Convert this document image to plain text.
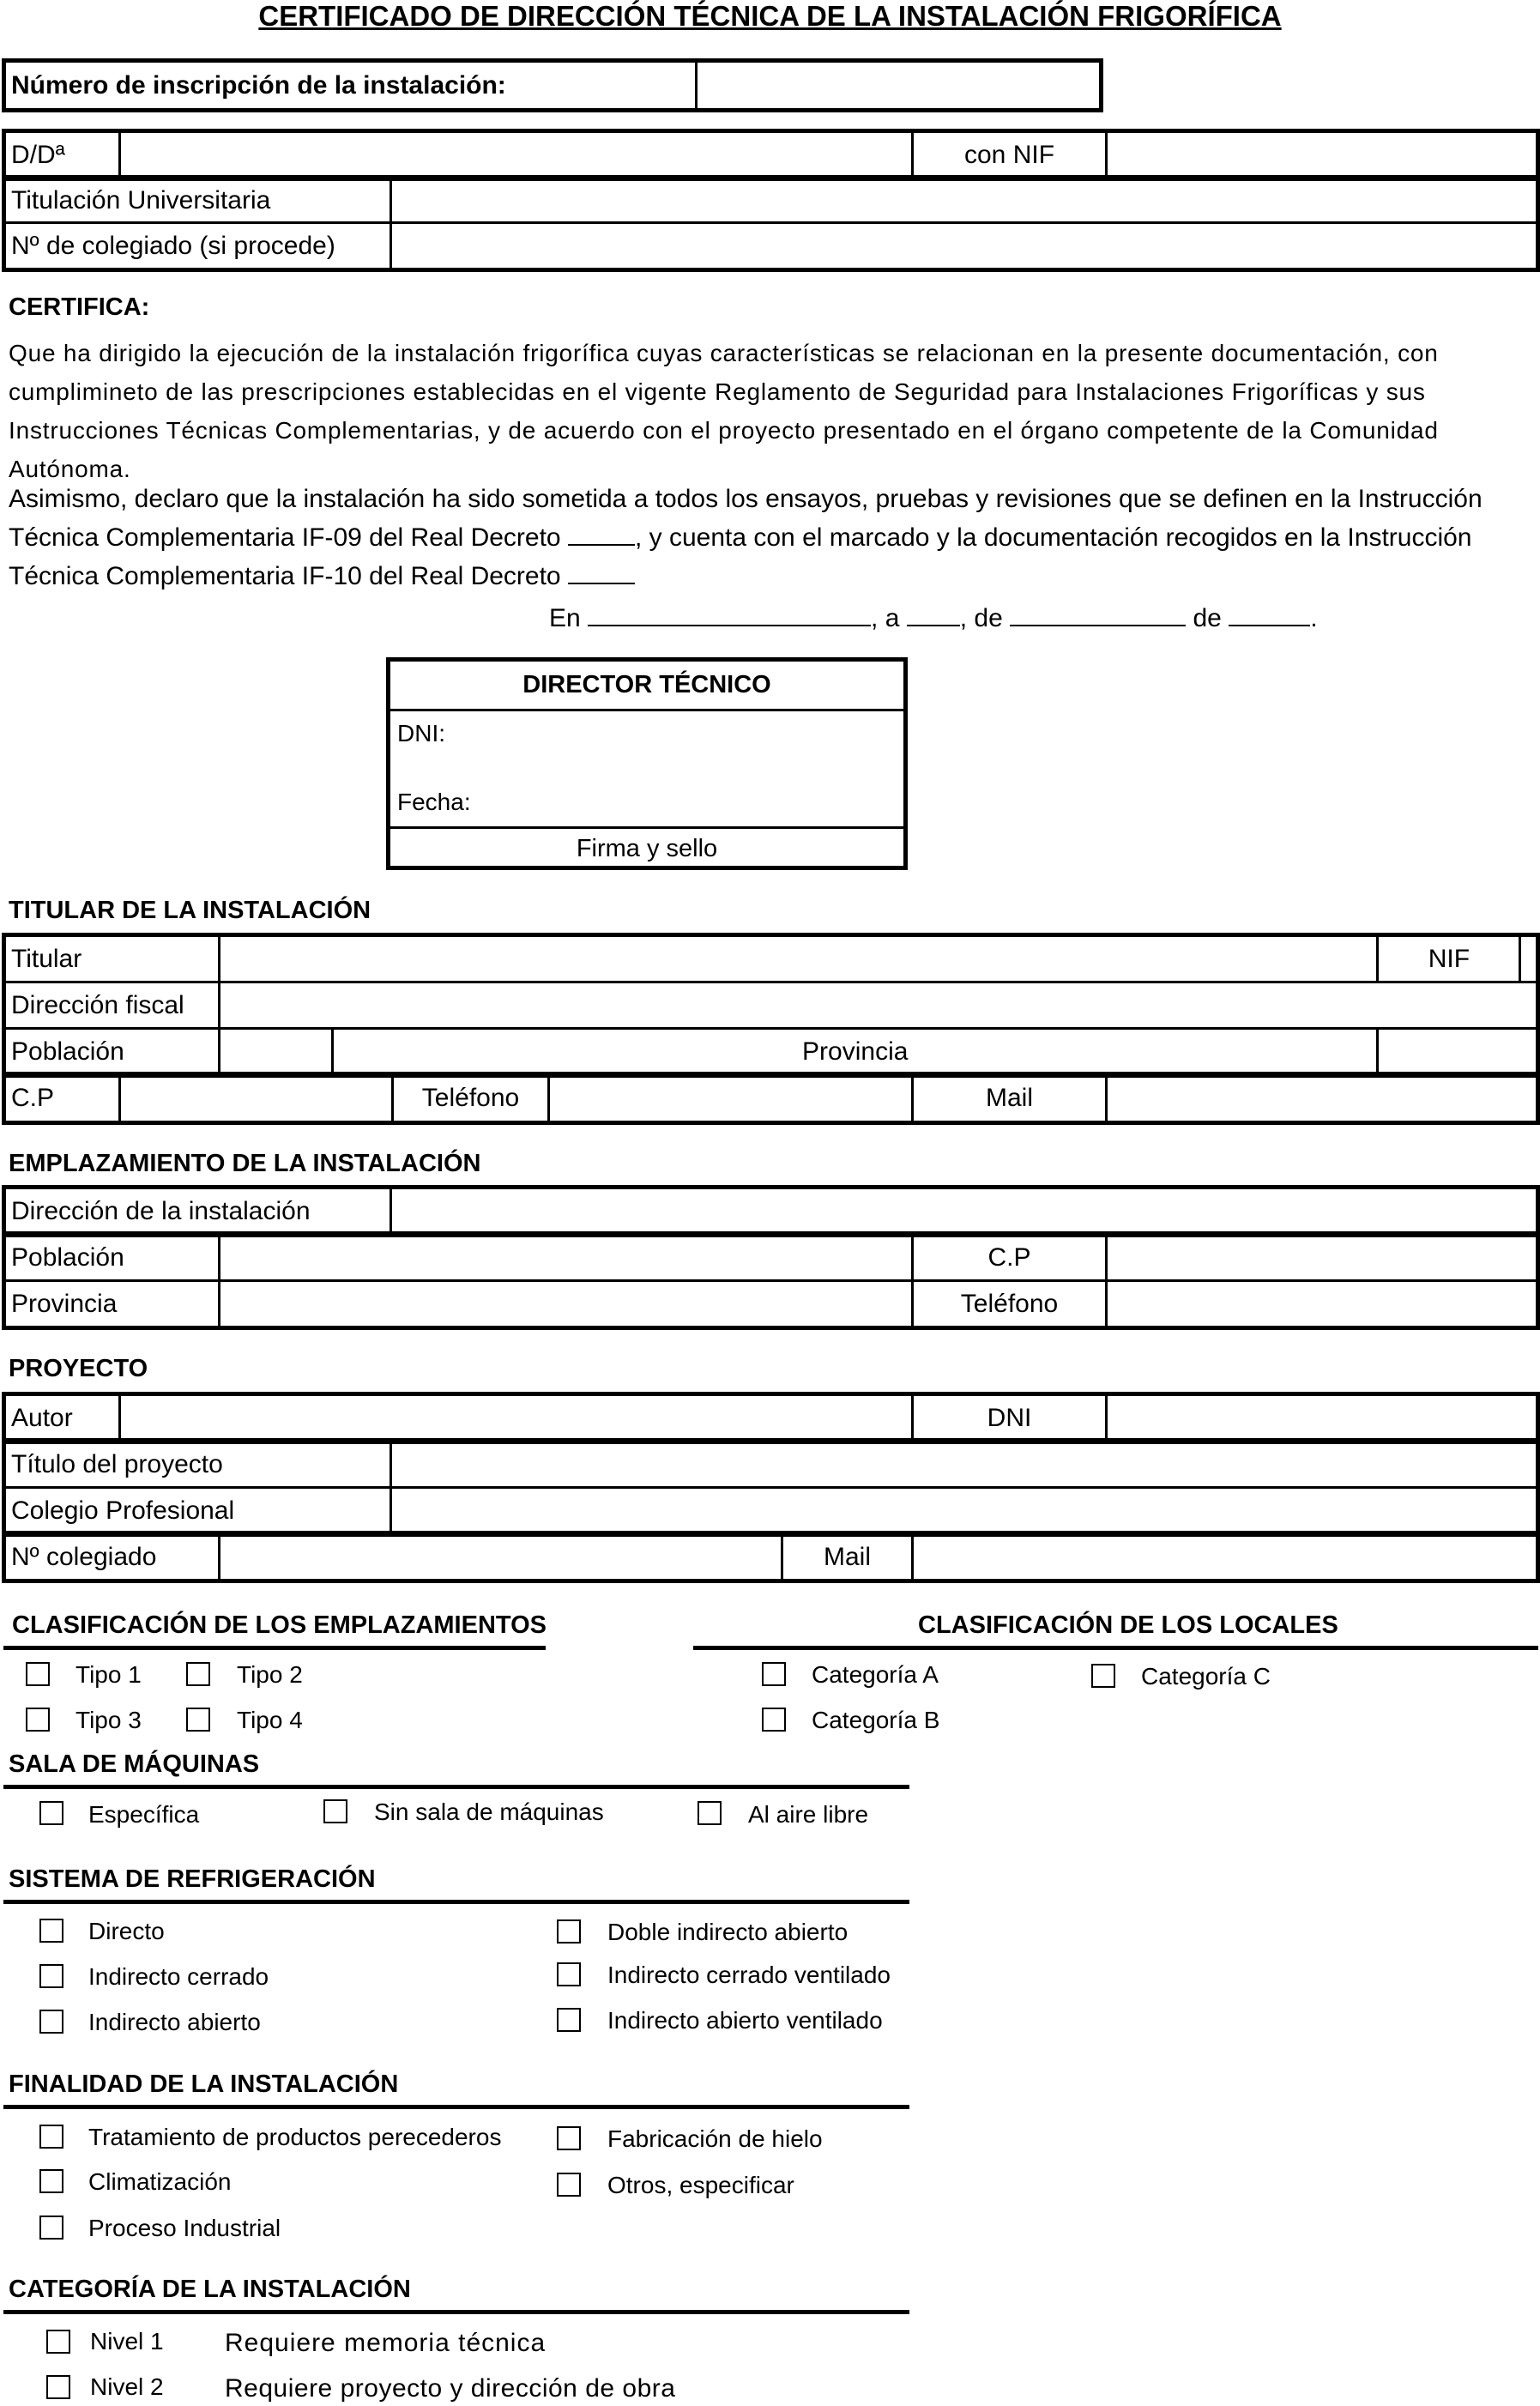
CERTIFICADO DE DIRECCIÓN TÉCNICA DE LA INSTALACIÓN FRIGORÍFICA
Número de inscripción de la instalación:	
D/Dª		con NIF	
Titulación Universitaria	
Nº de colegiado (si procede)	
CERTIFICA:
Que ha dirigido la ejecución de la instalación frigorífica cuyas características se relacionan en la presente documentación, con cumplimineto de las prescripciones establecidas en el vigente Reglamento de Seguridad para Instalaciones Frigoríficas y sus Instrucciones Técnicas Complementarias, y de acuerdo con el proyecto presentado en el órgano competente de la Comunidad Autónoma.
Asimismo, declaro que la instalación ha sido sometida a todos los ensayos, pruebas y revisiones que se definen en la Instrucción Técnica Complementaria IF-09 del Real Decreto	, y cuenta con el marcado y la documentación recogidos en la Instrucción Técnica Complementaria IF-10 del Real Decreto
En	, a , de	de	.
DIRECTOR TÉCNICO
DNI:
Fecha:
Firma y sello
TITULAR DE LA INSTALACIÓN
Titular			NIF	
Dirección fiscal				
Población		Provincia		
C.P		Teléfono		Mail	
EMPLAZAMIENTO DE LA INSTALACIÓN
Dirección de la instalación	
Población		C.P	
Provincia		Teléfono	
PROYECTO
Autor		DNI	
Título del proyecto	
Colegio Profesional	
Nº colegiado		Mail	
CLASIFICACIÓN DE LOS EMPLAZAMIENTOS	CLASIFICACIÓN DE LOS LOCALES
Tipo 1	Tipo 2
Tipo 3	Tipo 4
Categoría A
Categoría B
Categoría C
SALA DE MÁQUINAS
Específica	Sin sala de máquinas	Al aire libre
SISTEMA DE REFRIGERACIÓN
Directo
Indirecto cerrado
Indirecto abierto
Doble indirecto abierto
Indirecto cerrado ventilado
Indirecto abierto ventilado
FINALIDAD DE LA INSTALACIÓN
Tratamiento de productos perecederos
Climatización
Proceso Industrial
Fabricación de hielo
Otros, especificar
CATEGORÍA DE LA INSTALACIÓN
Nivel 1 Requiere memoria técnica
Nivel 2 Requiere proyecto y dirección de obra
